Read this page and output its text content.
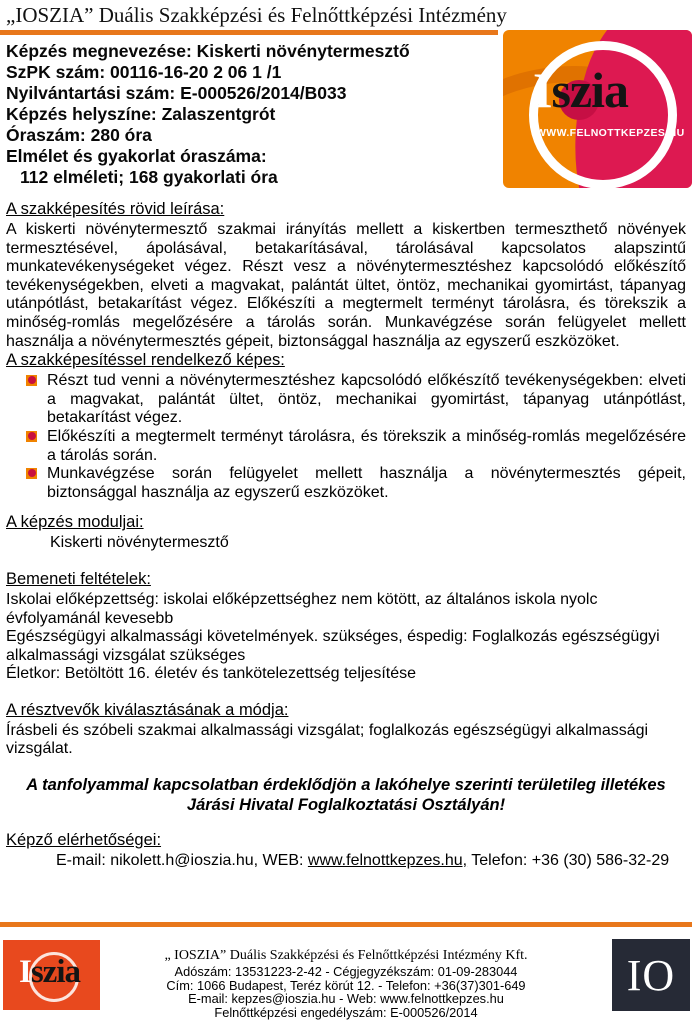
„IOSZIA” Duális Szakképzési és Felnőttképzési Intézmény
Iszia
WWW.FELNOTTKEPZES.HU
Képzés megnevezése: Kiskerti növénytermesztő
SzPK szám: 00116-16-20 2 06 1 /1
Nyilvántartási szám: E-000526/2014/B033
Képzés helyszíne: Zalaszentgrót
Óraszám: 280 óra
Elmélet és gyakorlat óraszáma:
112 elméleti; 168 gyakorlati óra
A szakképesítés rövid leírása:

A kiskerti növénytermesztő szakmai irányítás mellett a kiskertben termeszthető növények termesztésével, ápolásával, betakarításával, tárolásával kapcsolatos alapszintű munkatevékenységeket végez. Részt vesz a növénytermesztéshez kapcsolódó előkészítő tevékenységekben, elveti a magvakat, palántát ültet, öntöz, mechanikai gyomirtást, tápanyag utánpótlást, betakarítást végez. Előkészíti a megtermelt terményt tárolásra, és törekszik a minőség-romlás megelőzésére a tárolás során. Munkavégzése során felügyelet mellett használja a növénytermesztés gépeit, biztonsággal használja az egyszerű eszközöket.

A szakképesítéssel rendelkező képes:
Részt tud venni a növénytermesztéshez kapcsolódó előkészítő tevékenységekben: elveti a magvakat, palántát ültet, öntöz, mechanikai gyomirtást, tápanyag utánpótlást, betakarítást végez.
Előkészíti a megtermelt terményt tárolásra, és törekszik a minőség-romlás megelőzésére a tárolás során.
Munkavégzése során felügyelet mellett használja a növénytermesztés gépeit, biztonsággal használja az egyszerű eszközöket.
A képzés moduljai:
Kiskerti növénytermesztő
Bemeneti feltételek:
Iskolai előképzettség: iskolai előképzettséghez nem kötött, az általános iskola nyolc évfolyamánál kevesebb
Egészségügyi alkalmassági követelmények. szükséges, éspedig: Foglalkozás egészségügyi alkalmassági vizsgálat szükséges
Életkor: Betöltött 16. életév és tankötelezettség teljesítése
A résztvevők kiválasztásának a módja:
Írásbeli és szóbeli szakmai alkalmassági vizsgálat; foglalkozás egészségügyi alkalmassági vizsgálat.
A tanfolyammal kapcsolatban érdeklődjön a lakóhelye szerinti területileg illetékes Járási Hivatal Foglalkoztatási Osztályán!
Képző elérhetőségei:
E-mail: nikolett.h@ioszia.hu, WEB: www.felnottkepzes.hu, Telefon: +36 (30) 586-32-29
Iszia	„ IOSZIA” Duális Szakképzési és Felnőttképzési Intézmény Kft.
Adószám: 13531223-2-42 - Cégjegyzékszám: 01-09-283044
Cím: 1066 Budapest, Teréz körút 12. - Telefon: +36(37)301-649
E-mail: kepzes@ioszia.hu - Web: www.felnottkepzes.hu
Felnőttképzési engedélyszám: E-000526/2014
IO
